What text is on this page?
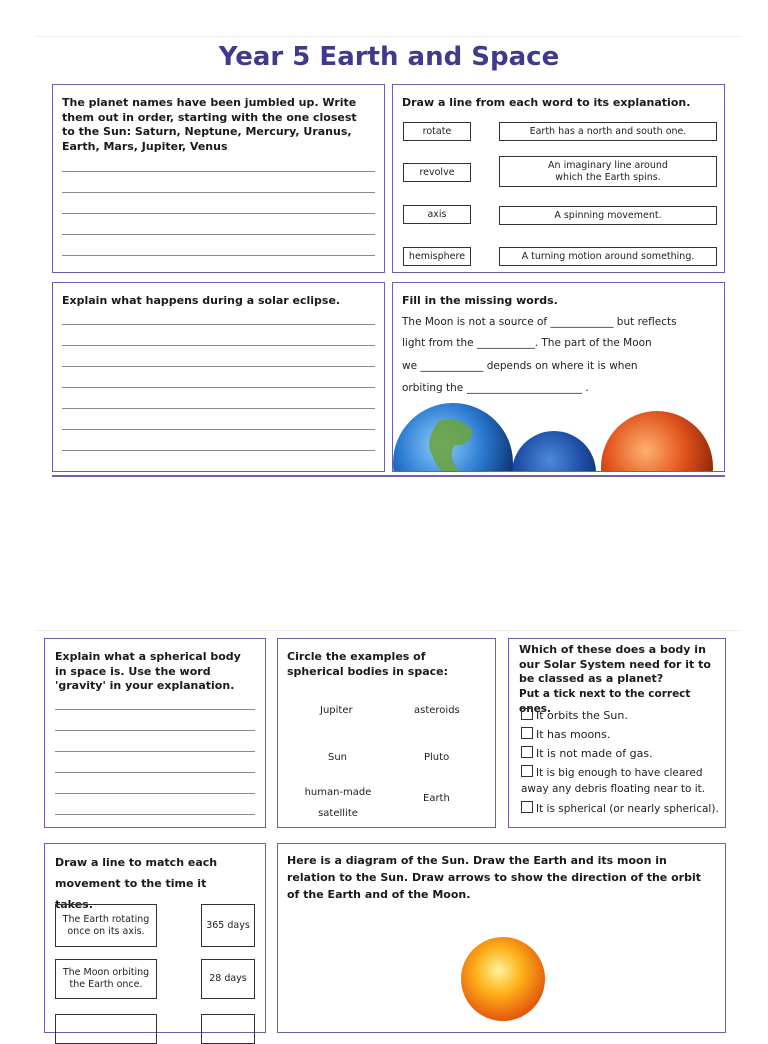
Year 5 Earth and Space
The planet names have been jumbled up. Write them out in order, starting with the one closest to the Sun: Saturn, Neptune, Mercury, Uranus, Earth, Mars, Jupiter, Venus
Draw a line from each word to its explanation.
rotate
revolve
axis
hemisphere
Earth has a north and south one.
An imaginary line around which the Earth spins.
A spinning movement.
A turning motion around something.
Explain what happens during a solar eclipse.	Fill in the missing words.
The Moon is not a source of ____________ but reflects
light from the ___________. The part of the Moon
we ____________ depends on where it is when
orbiting the ______________________ .
Explain what a spherical body in space is. Use the word 'gravity' in your explanation.
Circle the examples of spherical bodies in space:
Jupiter	asteroids
Sun	Pluto
human-made satellite
Earth
Which of these does a body in our Solar System need for it to be classed as a planet?
Put a tick next to the correct ones.
It orbits the Sun.
It has moons.
It is not made of gas.
It is big enough to have cleared away any debris floating near to it.
It is spherical (or nearly spherical).
Draw a line to match each movement to the time it takes.
The Earth rotating once on its axis.
The Moon orbiting the Earth once.
365 days
28 days
Here is a diagram of the Sun. Draw the Earth and its moon in relation to the Sun. Draw arrows to show the direction of the orbit of the Earth and of the Moon.
